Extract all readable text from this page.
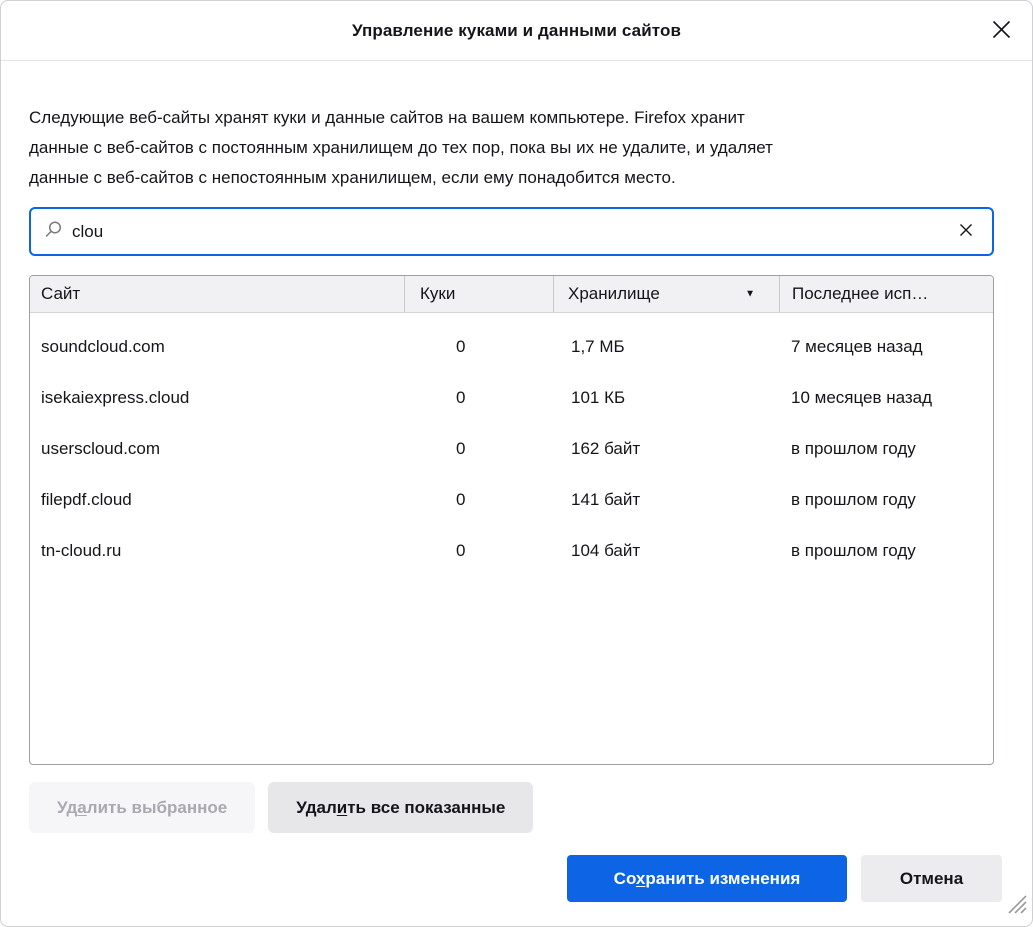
Управление куками и данными сайтов
Следующие веб-сайты хранят куки и данные сайтов на вашем компьютере. Firefox хранит
данные с веб-сайтов с постоянным хранилищем до тех пор, пока вы их не удалите, и удаляет
данные с веб-сайтов с непостоянным хранилищем, если ему понадобится место.
clou
Сайт	Куки	Хранилище	▼ Последнее исп…
soundcloud.com	0	1,7 МБ	7 месяцев назад
isekaiexpress.cloud	0	101 КБ	10 месяцев назад
userscloud.com	0	162 байт	в прошлом году
filepdf.cloud	0	141 байт	в прошлом году
tn-cloud.ru	0	104 байт	в прошлом году
Удалить выбранное	Удалить все показанные
Сохранить изменения	Отмена
